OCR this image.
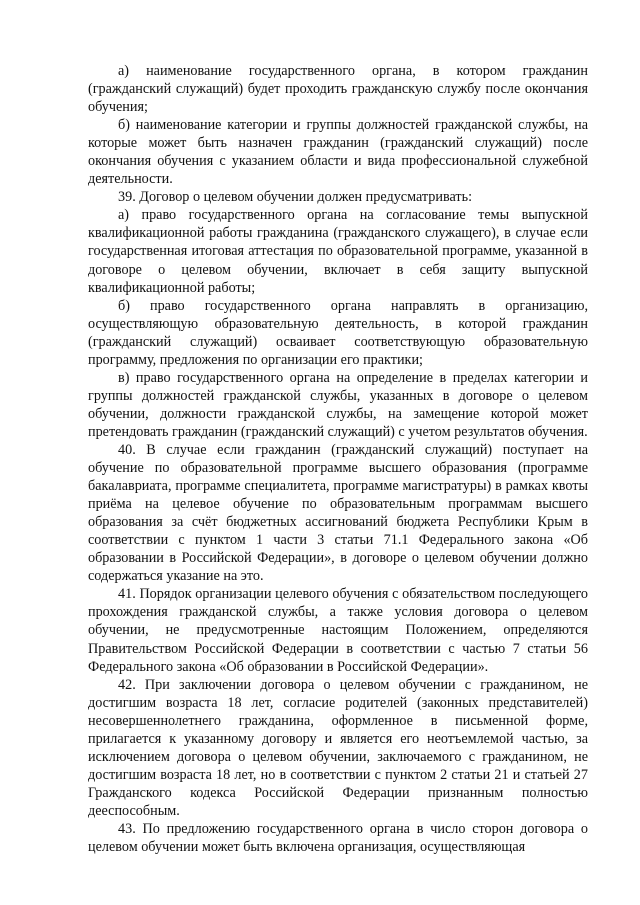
а) наименование государственного органа, в котором гражданин (гражданский служащий) будет проходить гражданскую службу после окончания обучения;

б) наименование категории и группы должностей гражданской службы, на которые может быть назначен гражданин (гражданский служащий) после окончания обучения с указанием области и вида профессиональной служебной деятельности.

39. Договор о целевом обучении должен предусматривать:

а) право государственного органа на согласование темы выпускной квалификационной работы гражданина (гражданского служащего), в случае если государственная итоговая аттестация по образовательной программе, указанной в договоре о целевом обучении, включает в себя защиту выпускной квалификационной работы;

б) право государственного органа направлять в организацию, осуществляющую образовательную деятельность, в которой гражданин (гражданский служащий) осваивает соответствующую образовательную программу, предложения по организации его практики;

в) право государственного органа на определение в пределах категории и группы должностей гражданской службы, указанных в договоре о целевом обучении, должности гражданской службы, на замещение которой может претендовать гражданин (гражданский служащий) с учетом результатов обучения.

40. В случае если гражданин (гражданский служащий) поступает на обучение по образовательной программе высшего образования (программе бакалавриата, программе специалитета, программе магистратуры) в рамках квоты приёма на целевое обучение по образовательным программам высшего образования за счёт бюджетных ассигнований бюджета Республики Крым в соответствии с пунктом 1 части 3 статьи 71.1 Федерального закона «Об образовании в Российской Федерации», в договоре о целевом обучении должно содержаться указание на это.

41. Порядок организации целевого обучения с обязательством последующего прохождения гражданской службы, а также условия договора о целевом обучении, не предусмотренные настоящим Положением, определяются Правительством Российской Федерации в соответствии с частью 7 статьи 56 Федерального закона «Об образовании в Российской Федерации».

42. При заключении договора о целевом обучении с гражданином, не достигшим возраста 18 лет, согласие родителей (законных представителей) несовершеннолетнего гражданина, оформленное в письменной форме, прилагается к указанному договору и является его неотъемлемой частью, за исключением договора о целевом обучении, заключаемого с гражданином, не достигшим возраста 18 лет, но в соответствии с пунктом 2 статьи 21 и статьей 27 Гражданского кодекса Российской Федерации признанным полностью дееспособным.

43. По предложению государственного органа в число сторон договора о целевом обучении может быть включена организация, осуществляющая
